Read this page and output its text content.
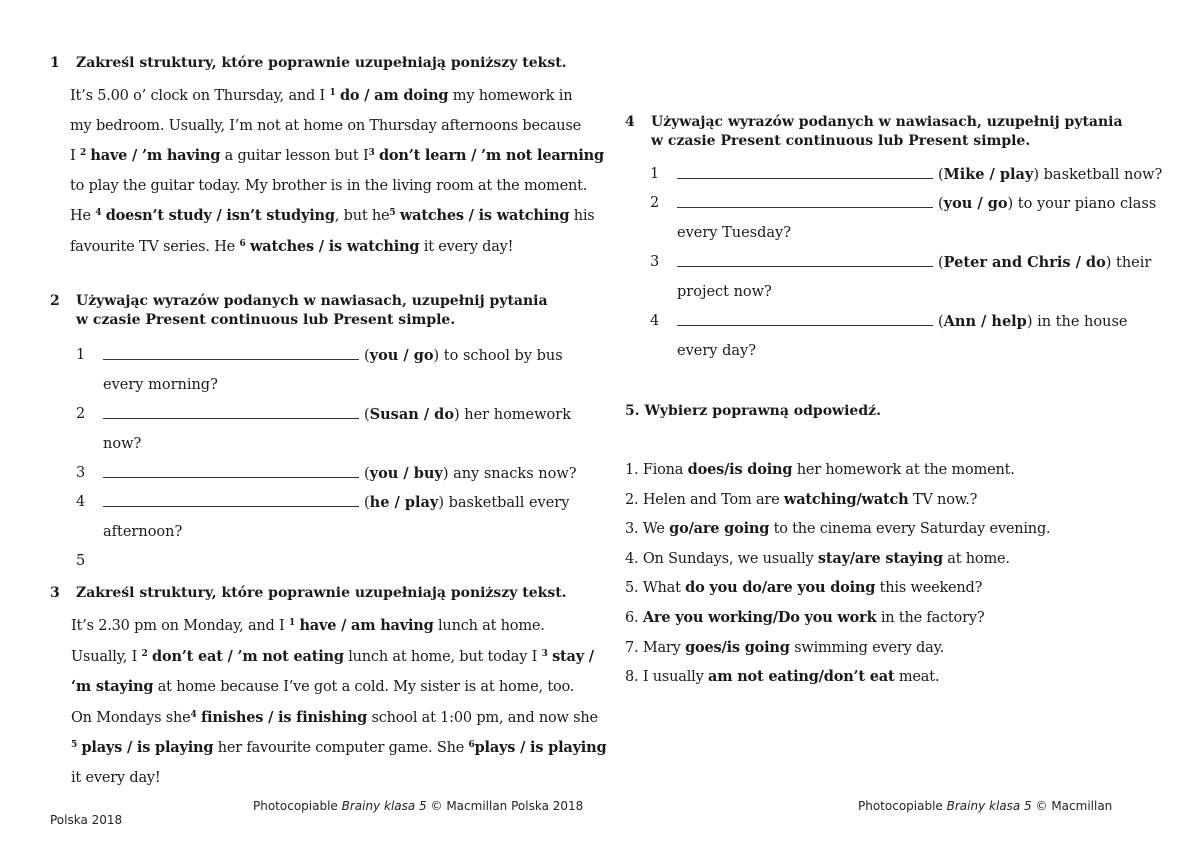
1 Zakreśl struktury, które poprawnie uzupełniają poniższy tekst.
It’s 5.00 o’ clock on Thursday, and I $^1$ do / am doing my homework in
my bedroom. Usually, I’m not at home on Thursday afternoons because
I $^2$ have / ’m having a guitar lesson but $I^3$ don’t learn / ’m not learning
to play the guitar today. My brother is in the living room at the moment.
He $^4$ doesn’t study / isn’t studying, but $he^5$ watches / is watching his
favourite TV series. He $^6$ watches / is watching it every day!
2 Używając wyrazów podanych w nawiasach, uzupełnij pytania
w czasie Present continuous lub Present simple.
1	(you / go) to school by bus
every morning?
2	(Susan / do) her homework
now?
3	(you / buy) any snacks now?
4	(he / play) basketball every
afternoon?
5
3 Zakreśl struktury, które poprawnie uzupełniają poniższy tekst.
It’s 2.30 pm on Monday, and I $^1$ have / am having lunch at home.
Usually, I $^2$ don’t eat / ’m not eating lunch at home, but today I $^3$ stay /
‘m staying at home because I’ve got a cold. My sister is at home, too.
On Mondays she$^4$ finishes / is finishing school at 1:00 pm, and now she
$^5$ plays / is playing her favourite computer game. She $^6$plays / is playing
it every day!
4 Używając wyrazów podanych w nawiasach, uzupełnij pytania
w czasie Present continuous lub Present simple.
1	(Mike / play) basketball now?
2	(you / go) to your piano class
every Tuesday?
3	(Peter and Chris / do) their
project now?
4	(Ann / help) in the house
every day?
5. Wybierz poprawną odpowiedź.
1. Fiona does/is doing her homework at the moment.
2. Helen and Tom are watching/watch TV now.?
3. We go/are going to the cinema every Saturday evening.
4. On Sundays, we usually stay/are staying at home.
5. What do you do/are you doing this weekend?
6. Are you working/Do you work in the factory?
7. Mary goes/is going swimming every day.
8. I usually am not eating/don’t eat meat.
Photocopiable Brainy klasa 5 © Macmillan Polska 2018	Photocopiable Brainy klasa 5 © Macmillan
Polska 2018
